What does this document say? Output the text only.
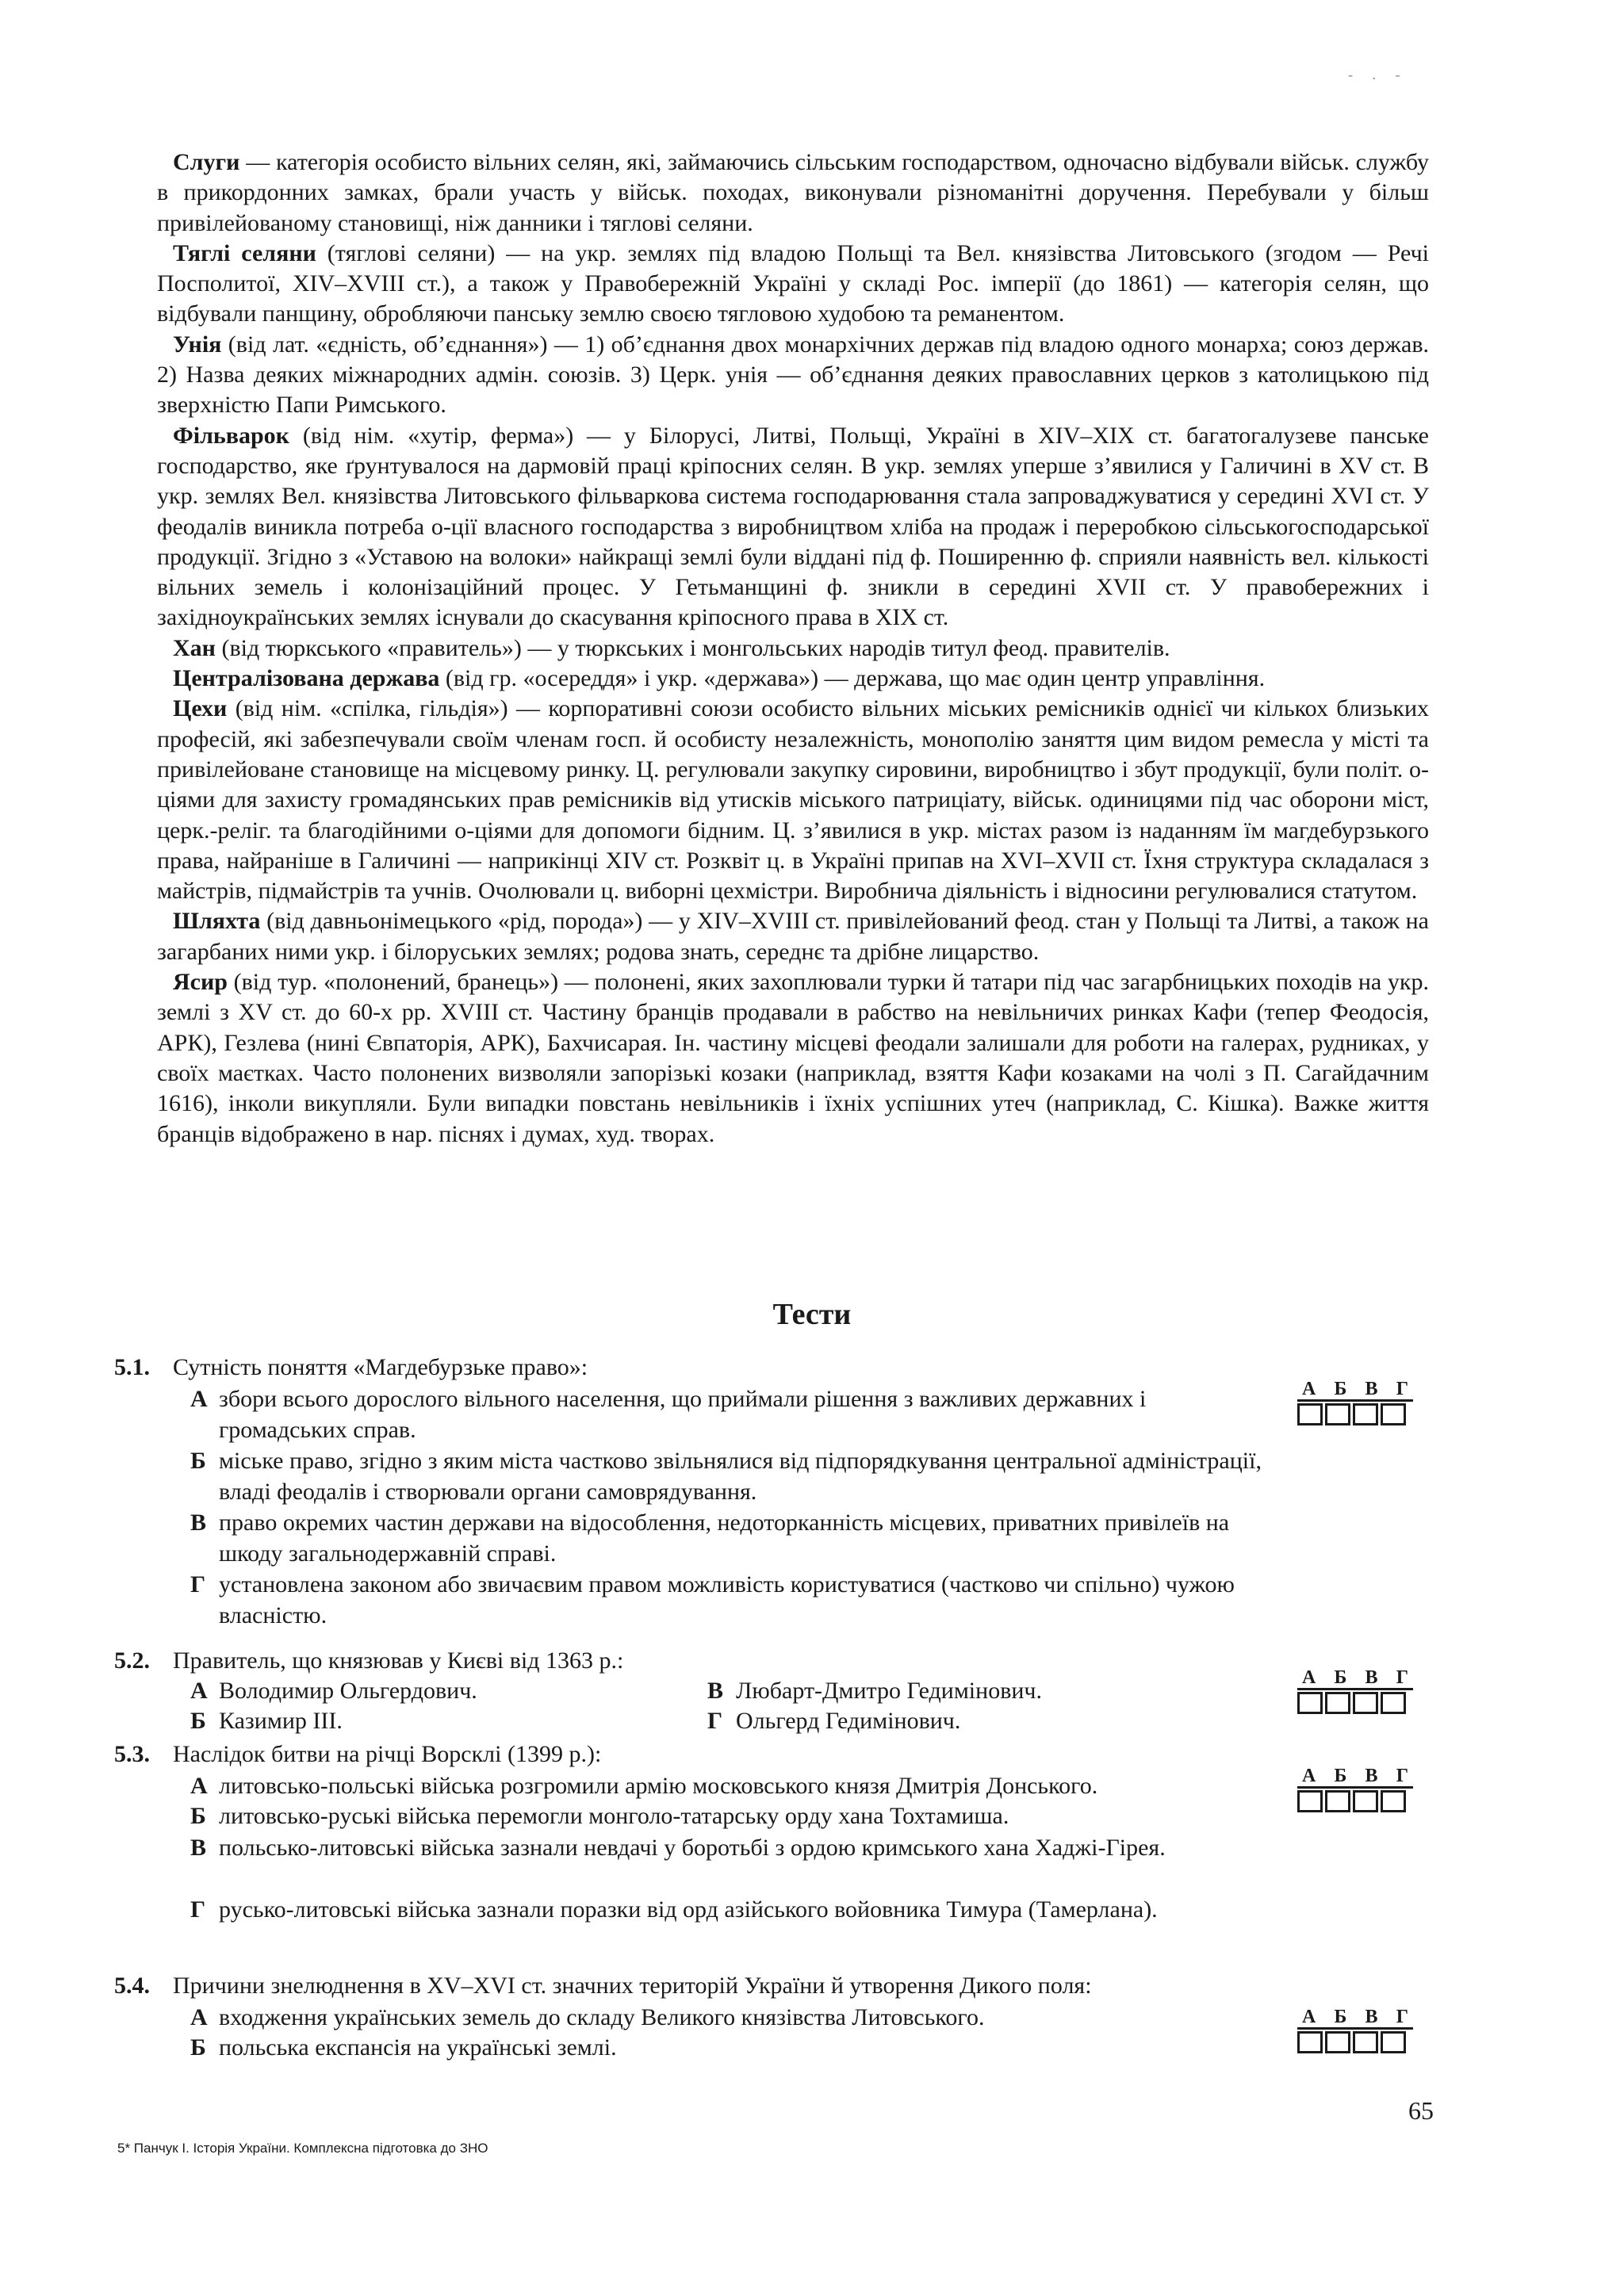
- . -

Слуги — категорія особисто вільних селян, які, займаючись сільським господарством, одночасно відбували військ. службу в прикордонних замках, брали участь у військ. походах, виконували різноманітні доручення. Перебували у більш привілейованому становищі, ніж данники і тяглові селяни.

Тяглі селяни (тяглові селяни) — на укр. землях під владою Польщі та Вел. князівства Литовського (згодом — Речі Посполитої, XIV–XVIII ст.), а також у Правобережній Україні у складі Рос. імперії (до 1861) — категорія селян, що відбували панщину, обробляючи панську землю своєю тягловою худобою та реманентом.

Унія (від лат. «єдність, об’єднання») — 1) об’єднання двох монархічних держав під владою одного монарха; союз держав. 2) Назва деяких міжнародних адмін. союзів. 3) Церк. унія — об’єднання деяких православних церков з католицькою під зверхністю Папи Римського.

Фільварок (від нім. «хутір, ферма») — у Білорусі, Литві, Польщі, Україні в XIV–XIX ст. багатогалузеве панське господарство, яке ґрунтувалося на дармовій праці кріпосних селян. В укр. землях уперше з’явилися у Галичині в XV ст. В укр. землях Вел. князівства Литовського фільваркова система господарювання стала запроваджуватися у середині XVI ст. У феодалів виникла потреба о-ції власного господарства з виробництвом хліба на продаж і переробкою сільськогосподарської продукції. Згідно з «Уставою на волоки» найкращі землі були віддані під ф. Поширенню ф. сприяли наявність вел. кількості вільних земель і колонізаційний процес. У Гетьманщині ф. зникли в середині XVII ст. У правобережних і західноукраїнських землях існували до скасування кріпосного права в XIX ст.

Хан (від тюркського «правитель») — у тюркських і монгольських народів титул феод. правителів.

Централізована держава (від гр. «осереддя» і укр. «держава») — держава, що має один центр управління.

Цехи (від нім. «спілка, гільдія») — корпоративні союзи особисто вільних міських ремісників однієї чи кількох близьких професій, які забезпечували своїм членам госп. й особисту незалежність, монополію заняття цим видом ремесла у місті та привілейоване становище на місцевому ринку. Ц. регулювали закупку сировини, виробництво і збут продукції, були політ. о-ціями для захисту громадянських прав ремісників від утисків міського патриціату, військ. одиницями під час оборони міст, церк.-реліг. та благодійними о-ціями для допомоги бідним. Ц. з’явилися в укр. містах разом із наданням їм магдебурзького права, найраніше в Галичині — наприкінці XIV ст. Розквіт ц. в Україні припав на XVI–XVII ст. Їхня структура складалася з майстрів, підмайстрів та учнів. Очолювали ц. виборні цехмістри. Виробнича діяльність і відносини регулювалися статутом.

Шляхта (від давньонімецького «рід, порода») — у XIV–XVIII ст. привілейований феод. стан у Польщі та Литві, а також на загарбаних ними укр. і білоруських землях; родова знать, середнє та дрібне лицарство.

Ясир (від тур. «полонений, бранець») — полонені, яких захоплювали турки й татари під час загарбницьких походів на укр. землі з XV ст. до 60-х рр. XVIII ст. Частину бранців продавали в рабство на невільничих ринках Кафи (тепер Феодосія, АРК), Гезлева (нині Євпаторія, АРК), Бахчисарая. Ін. частину місцеві феодали залишали для роботи на галерах, рудниках, у своїх маєтках. Часто полонених визволяли запорізькі козаки (наприклад, взяття Кафи козаками на чолі з П. Сагайдачним 1616), інколи викупляли. Були випадки повстань невільників і їхніх успішних утеч (наприклад, С. Кішка). Важке життя бранців відображено в нар. піснях і думах, худ. творах.

Тести
5.1. Сутність поняття «Магдебурзьке право»:
А збори всього дорослого вільного населення, що приймали рішення з важливих державних і громадських справ.
Б міське право, згідно з яким міста частково звільнялися від підпорядкування центральної адміністрації, владі феодалів і створювали органи самоврядування.
В право окремих частин держави на відособлення, недоторканність місцевих, приватних привілеїв на шкоду загальнодержавній справі.
Г установлена законом або звичаєвим правом можливість користуватися (частково чи спільно) чужою власністю.
А Б В Г
5.2. Правитель, що князював у Києві від 1363 р.:
А Володимир Ольгердович.	В Любарт-Дмитро Гедимінович.
Б Казимир ІІІ.	Г Ольгерд Гедимінович.
А Б В Г
5.3. Наслідок битви на річці Ворсклі (1399 р.):
А литовсько-польські війська розгромили армію московського князя Дмитрія Донського.
Б литовсько-руські війська перемогли монголо-татарську орду хана Тохтамиша.
В польсько-литовські війська зазнали невдачі у боротьбі з ордою кримського хана Хаджі-Гірея.
Г русько-литовські війська зазнали поразки від орд азійського войовника Тимура (Тамерлана).
А Б В Г
5.4. Причини знелюднення в XV–XVI ст. значних територій України й утворення Дикого поля:
А входження українських земель до складу Великого князівства Литовського.
Б польська експансія на українські землі.
А Б В Г
65
5* Панчук І. Історія України. Комплексна підготовка до ЗНО
